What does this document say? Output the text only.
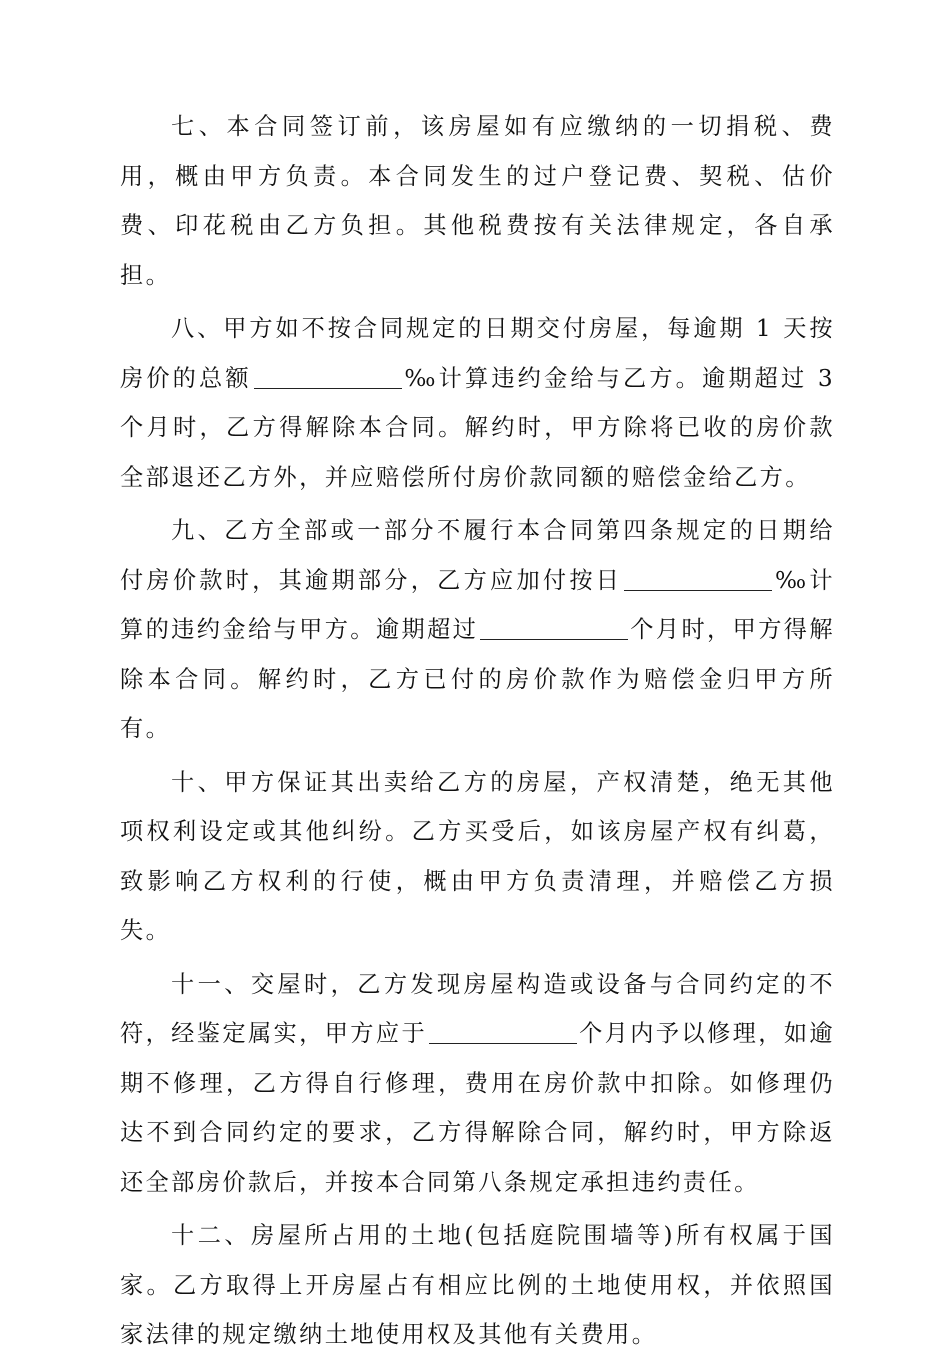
七、本合同签订前，该房屋如有应缴纳的一切捐税、费用，概由甲方负责。本合同发生的过户登记费、契税、估价费、印花税由乙方负担。其他税费按有关法律规定，各自承担。

八、甲方如不按合同规定的日期交付房屋，每逾期 1 天按房价的总额	‰计算违约金给与乙方。逾期超过 3 个月时，乙方得解除本合同。解约时，甲方除将已收的房价款全部退还乙方外，并应赔偿所付房价款同额的赔偿金给乙方。

九、乙方全部或一部分不履行本合同第四条规定的日期给付房价款时，其逾期部分，乙方应加付按日	‰计算的违约金给与甲方。逾期超过	个月时，甲方得解除本合同。解约时，乙方已付的房价款作为赔偿金归甲方所有。

十、甲方保证其出卖给乙方的房屋，产权清楚，绝无其他项权利设定或其他纠纷。乙方买受后，如该房屋产权有纠葛，致影响乙方权利的行使，概由甲方负责清理，并赔偿乙方损失。

十一、交屋时，乙方发现房屋构造或设备与合同约定的不符，经鉴定属实，甲方应于	个月内予以修理，如逾期不修理，乙方得自行修理，费用在房价款中扣除。如修理仍达不到合同约定的要求，乙方得解除合同，解约时，甲方除返还全部房价款后，并按本合同第八条规定承担违约责任。

十二、房屋所占用的土地(包括庭院围墙等)所有权属于国家。乙方取得上开房屋占有相应比例的土地使用权，并依照国家法律的规定缴纳土地使用权及其他有关费用。
